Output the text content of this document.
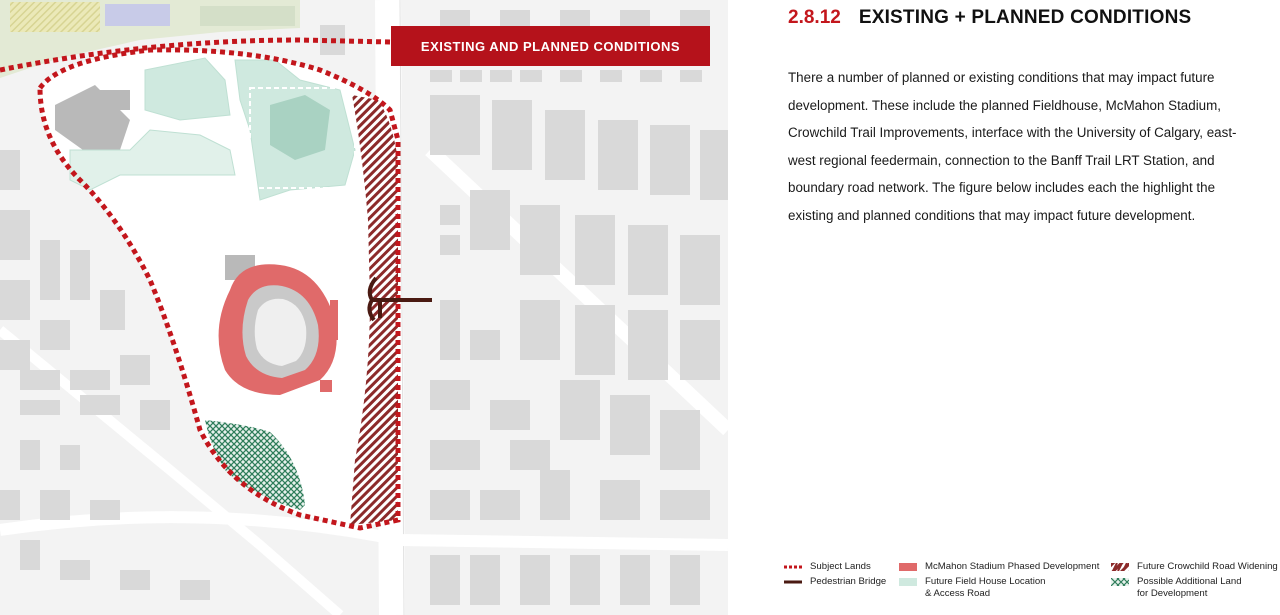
EXISTING AND PLANNED CONDITIONS
2.8.12 EXISTING + PLANNED CONDITIONS

There a number of planned or existing conditions that may impact future development. These include the planned Fieldhouse, McMahon Stadium, Crowchild Trail Improvements, interface with the University of Calgary, east-west regional feedermain, connection to the Banff Trail LRT Station, and boundary road network. The figure below includes each the highlight the existing and planned conditions that may impact future development.

Subject Lands
Pedestrian Bridge
McMahon Stadium Phased Development
Future Field House Location
& Access Road
Future Crowchild Road Widening
Possible Additional Land
for Development
